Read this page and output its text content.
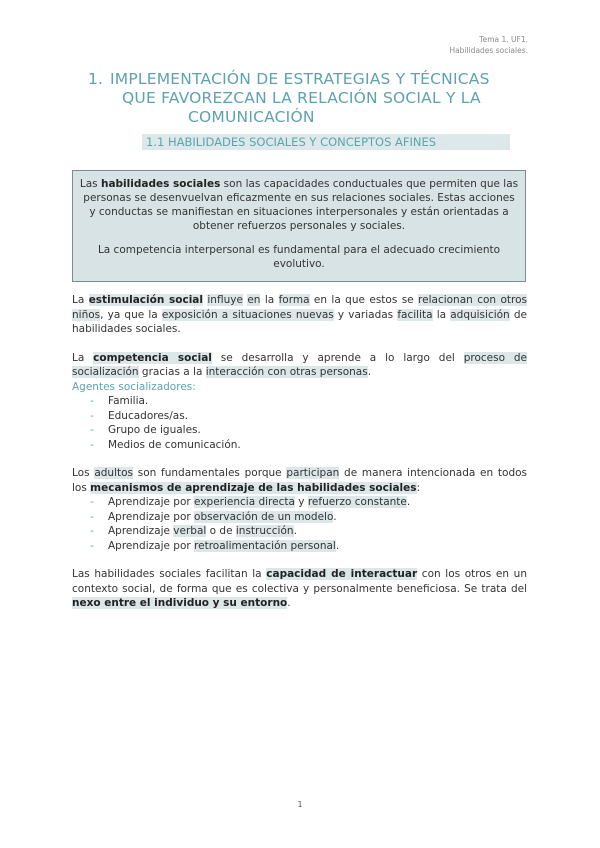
Tema 1. UF1.
Habilidades sociales.
1. IMPLEMENTACIÓN DE ESTRATEGIAS Y TÉCNICAS
QUE FAVOREZCAN LA RELACIÓN SOCIAL Y LA
COMUNICACIÓN
1.1 HABILIDADES SOCIALES Y CONCEPTOS AFINES

Las habilidades sociales son las capacidades conductuales que permiten que las personas se desenvuelvan eficazmente en sus relaciones sociales. Estas acciones y conductas se manifiestan en situaciones interpersonales y están orientadas a obtener refuerzos personales y sociales.

La competencia interpersonal es fundamental para el adecuado crecimiento evolutivo.

La estimulación social influye en la forma en la que estos se relacionan con otros niños, ya que la exposición a situaciones nuevas y variadas facilita la adquisición de habilidades sociales.

La competencia social se desarrolla y aprende a lo largo del proceso de socialización gracias a la interacción con otras personas.

Agentes socializadores:
- Familia.
- Educadores/as.
- Grupo de iguales.
- Medios de comunicación.

Los adultos son fundamentales porque participan de manera intencionada en todos los mecanismos de aprendizaje de las habilidades sociales:

- Aprendizaje por experiencia directa y refuerzo constante.
- Aprendizaje por observación de un modelo.
- Aprendizaje verbal o de instrucción.
- Aprendizaje por retroalimentación personal.

Las habilidades sociales facilitan la capacidad de interactuar con los otros en un contexto social, de forma que es colectiva y personalmente beneficiosa. Se trata del nexo entre el individuo y su entorno.

1
